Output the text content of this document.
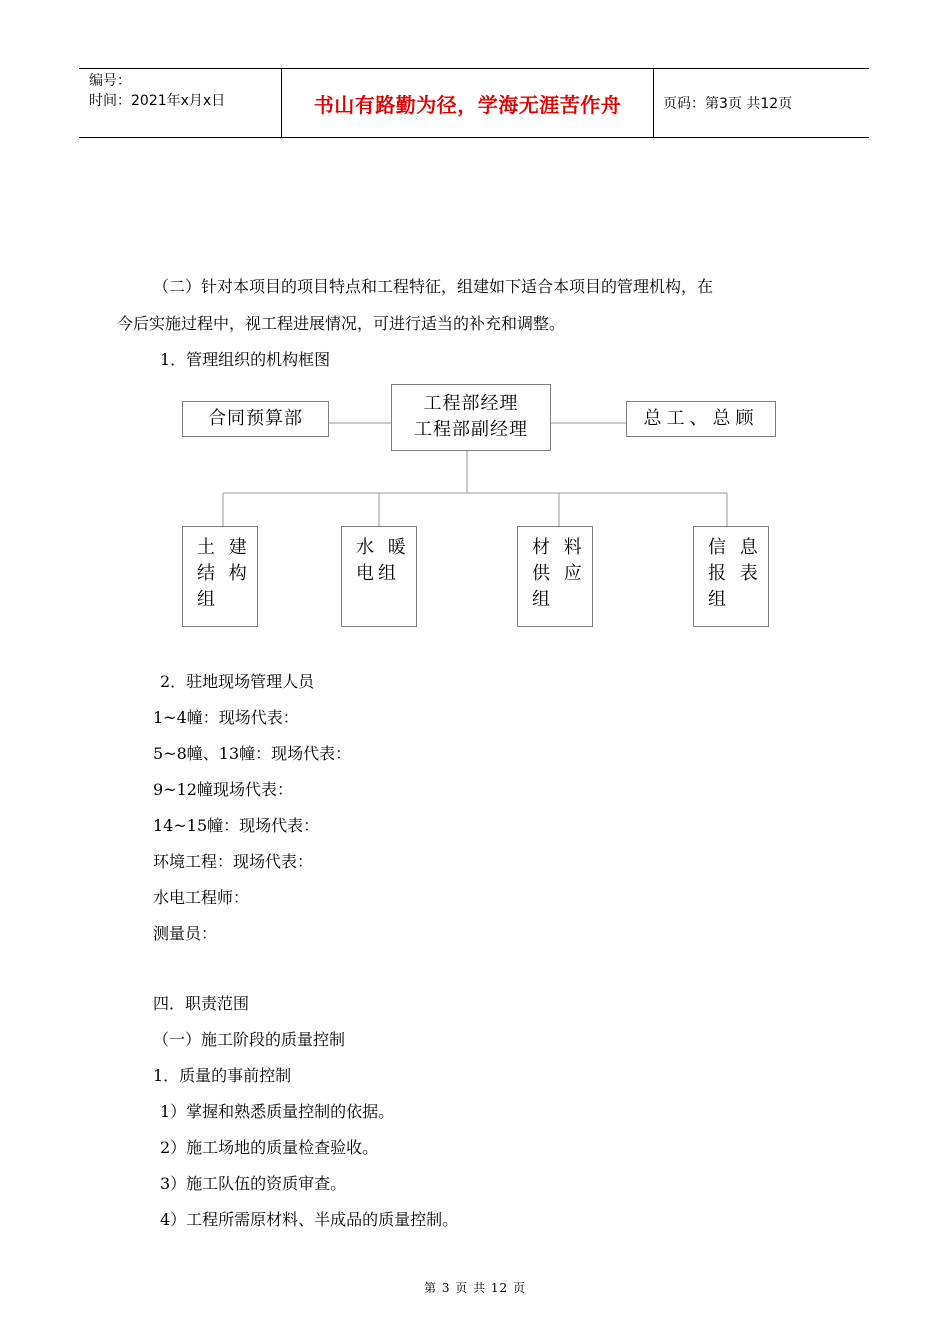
编号：
时间：2021年x月x日	书山有路勤为径，学海无涯苦作舟	页码：第3页 共12页
（二）针对本项目的项目特点和工程特征，组建如下适合本项目的管理机构，在
今后实施过程中，视工程进展情况，可进行适当的补充和调整。
1．管理组织的机构框图
工程部经理
工程部副经理
合同预算部	总工、总顾
土 建
结 构
组
水 暖
电组
材 料
供 应
组
信 息
报 表
组
2．驻地现场管理人员
1~4幢：现场代表：
5~8幢、13幢：现场代表：
9~12幢现场代表：
14~15幢：现场代表：
环境工程：现场代表：
水电工程师：
测量员：
四．职责范围
（一）施工阶段的质量控制
1．质量的事前控制
1）掌握和熟悉质量控制的依据。
2）施工场地的质量检查验收。
3）施工队伍的资质审查。
4）工程所需原材料、半成品的质量控制。
第 3 页 共 12 页
